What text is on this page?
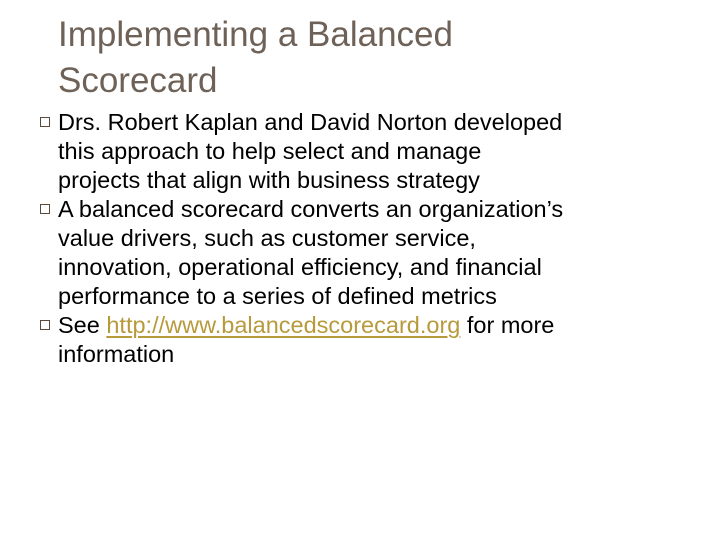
Implementing a Balanced
Scorecard
Drs. Robert Kaplan and David Norton developed
this approach to help select and manage
projects that align with business strategy
A balanced scorecard converts an organization’s
value drivers, such as customer service,
innovation, operational efficiency, and financial
performance to a series of defined metrics
See http://www.balancedscorecard.org for more
information
